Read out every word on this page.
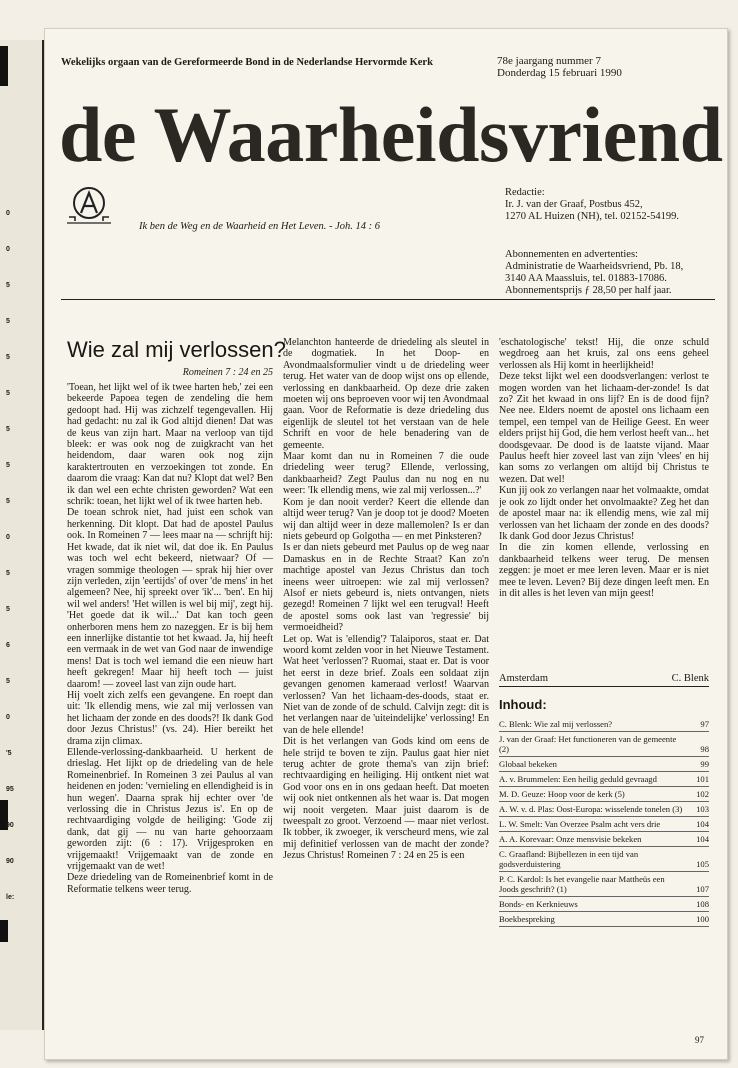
0
0
5
5
5
5
5
5
5
0
5
5
6
5
0
'5
95
90
90
le:
Wekelijks orgaan van de Gereformeerde Bond in de Nederlandse Hervormde Kerk	78e jaargang nummer 7
Donderdag 15 februari 1990
de Waarheidsvriend
Ik ben de Weg en de Waarheid en Het Leven. - Joh. 14 : 6
Redactie:
Ir. J. van der Graaf, Postbus 452,
1270 AL Huizen (NH), tel. 02152-54199.
Abonnementen en advertenties:
Administratie de Waarheidsvriend, Pb. 18,
3140 AA Maassluis, tel. 01883-17086.
Abonnementsprijs ƒ 28,50 per half jaar.
Wie zal mij verlossen?
Romeinen 7 : 24 en 25

'Toean, het lijkt wel of ik twee harten heb,' zei een bekeerde Papoea tegen de zendeling die hem gedoopt had. Hij was zichzelf tegengevallen. Hij had gedacht: nu zal ik God altijd dienen! Dat was de keus van zijn hart. Maar na verloop van tijd bleek: er was ook nog de zuigkracht van het heidendom, daar waren ook nog zijn karaktertrouten en verzoekingen tot zonde. En daarom die vraag: Kan dat nu? Klopt dat wel? Ben ik dan wel een echte christen geworden? Wat een schrik: toean, het lijkt wel of ik twee harten heb.

De toean schrok niet, had juist een schok van herkenning. Dit klopt. Dat had de apostel Paulus ook. In Romeinen 7 — lees maar na — schrijft hij: Het kwade, dat ik niet wil, dat doe ik. En Paulus was toch wel echt bekeerd, nietwaar? Of — vragen sommige theologen — sprak hij hier over zijn verleden, zijn 'eertijds' of over 'de mens' in het algemeen? Nee, hij spreekt over 'ik'... 'ben'. En hij wil wel anders! 'Het willen is wel bij mij', zegt hij. 'Het goede dat ik wil...' Dat kan toch geen onherboren mens hem zo nazeggen. Er is bij hem een innerlijke distantie tot het kwaad. Ja, hij heeft een vermaak in de wet van God naar de inwendige mens! Dat is toch wel iemand die een nieuw hart heeft gekregen! Maar hij heeft toch — juist daarom! — zoveel last van zijn oude hart.

Hij voelt zich zelfs een gevangene. En roept dan uit: 'Ik ellendig mens, wie zal mij verlossen van het lichaam der zonde en des doods?! Ik dank God door Jezus Christus!' (vs. 24). Hier bereikt het drama zijn climax.

Ellende-verlossing-dankbaarheid. U herkent de drieslag. Het lijkt op de driedeling van de hele Romeinenbrief. In Romeinen 3 zei Paulus al van heidenen en joden: 'vernieling en ellendigheid is in hun wegen'. Daarna sprak hij echter over 'de verlossing die in Christus Jezus is'. En op de rechtvaardiging volgde de heiliging: 'Gode zij dank, dat gij — nu van harte gehoorzaam geworden zijt: (6 : 17). Vrijgesproken en vrijgemaakt! Vrijgemaakt van de zonde en vrijgemaakt van de wet!

Deze driedeling van de Romeinenbrief komt in de Reformatie telkens weer terug.

Melanchton hanteerde de driedeling als sleutel in de dogmatiek. In het Doop- en Avondmaalsformulier vindt u de driedeling weer terug. Het water van de doop wijst ons op ellende, verlossing en dankbaarheid. Op deze drie zaken moeten wij ons beproeven voor wij ten Avondmaal gaan. Voor de Reformatie is deze driedeling dus eigenlijk de sleutel tot het verstaan van de hele Schrift en voor de hele benadering van de gemeente.

Maar komt dan nu in Romeinen 7 die oude driedeling weer terug? Ellende, verlossing, dankbaarheid? Zegt Paulus dan nu nog en nu weer: 'Ik ellendig mens, wie zal mij verlossen...?'

Kom je dan nooit verder? Keert die ellende dan altijd weer terug? Van je doop tot je dood? Moeten wij dan altijd weer in deze mallemolen? Is er dan niets gebeurd op Golgotha — en met Pinksteren?

Is er dan niets gebeurd met Paulus op de weg naar Damaskus en in de Rechte Straat? Kan zo'n machtige apostel van Jezus Christus dan toch ineens weer uitroepen: wie zal mij verlossen? Alsof er niets gebeurd is, niets ontvangen, niets gezegd! Romeinen 7 lijkt wel een terugval! Heeft de apostel soms ook last van 'regressie' bij vermoeidheid?

Let op. Wat is 'ellendig'? Talaiporos, staat er. Dat woord komt zelden voor in het Nieuwe Testament. Wat heet 'verlossen'? Ruomai, staat er. Dat is voor het eerst in deze brief. Zoals een soldaat zijn gevangen genomen kameraad verlost! Waarvan verlossen? Van het lichaam-des-doods, staat er. Niet van de zonde of de schuld. Calvijn zegt: dit is het verlangen naar de 'uiteindelijke' verlossing! En van de hele ellende!

Dit is het verlangen van Gods kind om eens de hele strijd te boven te zijn. Paulus gaat hier niet terug achter de grote thema's van zijn brief: rechtvaardiging en heiliging. Hij ontkent niet wat God voor ons en in ons gedaan heeft. Dat moeten wij ook niet ontkennen als het waar is. Dat mogen wij nooit vergeten. Maar juist daarom is de tweespalt zo groot. Verzoend — maar niet verlost. Ik tobber, ik zwoeger, ik verscheurd mens, wie zal mij definitief verlossen van de macht der zonde? Jezus Christus! Romeinen 7 : 24 en 25 is een

'eschatologische' tekst! Hij, die onze schuld wegdroeg aan het kruis, zal ons eens geheel verlossen als Hij komt in heerlijkheid!

Deze tekst lijkt wel een doodsverlangen: verlost te mogen worden van het lichaam-der-zonde! Is dat zo? Zit het kwaad in ons lijf? En is de dood fijn? Nee nee. Elders noemt de apostel ons lichaam een tempel, een tempel van de Heilige Geest. En weer elders prijst hij God, die hem verlost heeft van... het doodsgevaar. De dood is de laatste vijand. Maar Paulus heeft hier zoveel last van zijn 'vlees' en hij kan soms zo verlangen om altijd bij Christus te wezen. Dat wel!

Kun jij ook zo verlangen naar het volmaakte, omdat je ook zo lijdt onder het onvolmaakte? Zeg het dan de apostel maar na: ik ellendig mens, wie zal mij verlossen van het lichaam der zonde en des doods? Ik dank God door Jezus Christus!

In die zin komen ellende, verlossing en dankbaarheid telkens weer terug. De mensen zeggen: je moet er mee leren leven. Maar er is niet mee te leven. Leven? Bij deze dingen leeft men. En in dit alles is het leven van mijn geest!

Amsterdam	C. Blenk
Inhoud:
C. Blenk: Wie zal mij verlossen?	97
J. van der Graaf: Het functioneren van de gemeente (2)	98
Globaal bekeken	99
A. v. Brummelen: Een heilig geduld gevraagd	101
M. D. Geuze: Hoop voor de kerk (5)	102
A. W. v. d. Plas: Oost-Europa: wisselende tonelen (3)	103
L. W. Smelt: Van Overzee Psalm acht vers drie	104
A. A. Korevaar: Onze mensvisie bekeken	104
C. Graafland: Bijbellezen in een tijd van godsverduistering	105
P. C. Kardol: Is het evangelie naar Mattheüs een Joods geschrift? (1)	107
Bonds- en Kerknieuws	108
Boekbespreking	100
97
